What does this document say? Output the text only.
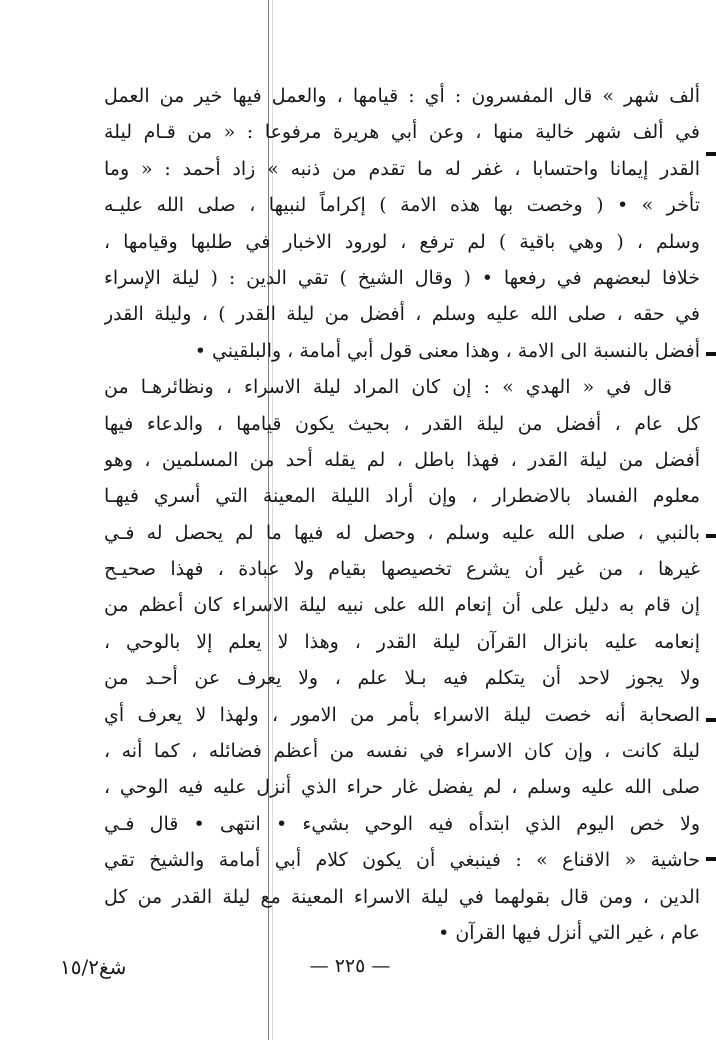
ألف شهر » قال المفسرون : أي : قيامها ، والعمل فيها خير من العمل
في ألف شهر خالية منها ، وعن أبي هريرة مرفوعا : « من قـام ليلة
القدر إيمانا واحتسابا ، غفر له ما تقدم من ذنبه » زاد أحمد : « وما
تأخر » • ( وخصت بها هذه الامة ) إكراماً لنبيها ، صلى الله عليـه
وسلم ، ( وهي باقية ) لم ترفع ، لورود الاخبار في طلبها وقيامها ،
خلافا لبعضهم في رفعها • ( وقال الشيخ ) تقي الدين : ( ليلة الإسراء
في حقه ، صلى الله عليه وسلم ، أفضل من ليلة القدر ) ، وليلة القدر
أفضل بالنسبة الى الامة ، وهذا معنى قول أبي أمامة ، والبلقيني •
قال في « الهدي » : إن كان المراد ليلة الاسراء ، ونظائرهـا من
كل عام ، أفضل من ليلة القدر ، بحيث يكون قيامها ، والدعاء فيها
أفضل من ليلة القدر ، فهذا باطل ، لم يقله أحد من المسلمين ، وهو
معلوم الفساد بالاضطرار ، وإن أراد الليلة المعينة التي أسري فيهـا
بالنبي ، صلى الله عليه وسلم ، وحصل له فيها ما لم يحصل له فـي
غيرها ، من غير أن يشرع تخصيصها بقيام ولا عبادة ، فهذا صحيـح
إن قام به دليل على أن إنعام الله على نبيه ليلة الاسراء كان أعظم من
إنعامه عليه بانزال القرآن ليلة القدر ، وهذا لا يعلم إلا بالوحي ،
ولا يجوز لاحد أن يتكلم فيه بـلا علم ، ولا يعرف عن أحـد من
الصحابة أنه خصت ليلة الاسراء بأمر من الامور ، ولهذا لا يعرف أي
ليلة كانت ، وإن كان الاسراء في نفسه من أعظم فضائله ، كما أنه ،
صلى الله عليه وسلم ، لم يفضل غار حراء الذي أنزل عليه فيه الوحي ،
ولا خص اليوم الذي ابتدأه فيه الوحي بشيء • انتهى • قال فـي
حاشية « الاقناع » : فينبغي أن يكون كلام أبي أمامة والشيخ تقي
الدين ، ومن قال بقولهما في ليلة الاسراء المعينة مع ليلة القدر من كل
عام ، غير التي أنزل فيها القرآن •
— ٢٢٥ —
شغ١٥/٢
